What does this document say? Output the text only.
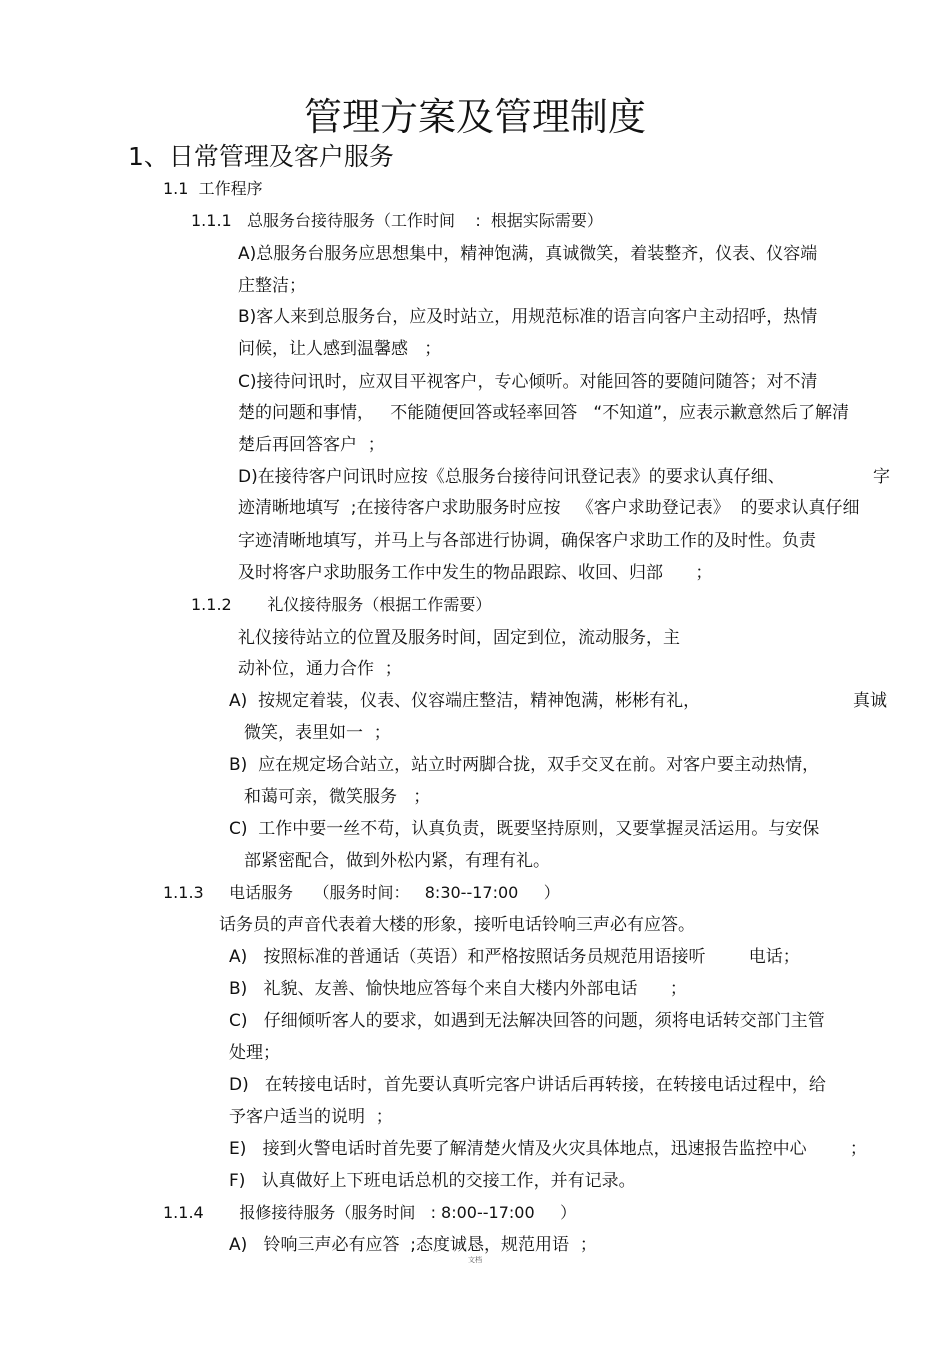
管理方案及管理制度
1、日常管理及客户服务
1.1  工作程序
1.1.1   总服务台接待服务（工作时间    :  根据实际需要）
A)总服务台服务应思想集中，精神饱满，真诚微笑，着装整齐，仪表、仪容端
庄整洁；
B)客人来到总服务台，应及时站立，用规范标准的语言向客户主动招呼，热情
问候，让人感到温馨感   ；
C)接待问讯时，应双目平视客户，专心倾听。对能回答的要随问随答；对不清
楚的问题和事情，   不能随便回答或轻率回答   “不知道”，应表示歉意然后了解清
楚后再回答客户  ；
D)在接待客户问讯时应按《总服务台接待问讯登记表》的要求认真仔细、	字
迹清晰地填写  ;在接待客户求助服务时应按   《客户求助登记表》  的要求认真仔细
字迹清晰地填写，并马上与各部进行协调，确保客户求助工作的及时性。负责
及时将客户求助服务工作中发生的物品跟踪、收回、归部      ；
1.1.2       礼仪接待服务（根据工作需要）
礼仪接待站立的位置及服务时间，固定到位，流动服务，主
动补位，通力合作  ；
A)  按规定着装，仪表、仪容端庄整洁，精神饱满，彬彬有礼，	真诚
微笑，表里如一  ；
B)  应在规定场合站立，站立时两脚合拢，双手交叉在前。对客户要主动热情，
和蔼可亲，微笑服务   ；
C)  工作中要一丝不苟，认真负责，既要坚持原则，又要掌握灵活运用。与安保
部紧密配合，做到外松内紧，有理有礼。
1.1.3     电话服务    （服务时间：   8:30--17:00     ）
话务员的声音代表着大楼的形象，接听电话铃响三声必有应答。
A)   按照标准的普通话（英语）和严格按照话务员规范用语接听        电话；
B)   礼貌、友善、愉快地应答每个来自大楼内外部电话      ；
C)   仔细倾听客人的要求，如遇到无法解决回答的问题，须将电话转交部门主管
处理；
D)   在转接电话时，首先要认真听完客户讲话后再转接，在转接电话过程中，给
予客户适当的说明  ；
E)   接到火警电话时首先要了解清楚火情及火灾具体地点，迅速报告监控中心        ；
F)   认真做好上下班电话总机的交接工作，并有记录。
1.1.4       报修接待服务（服务时间   : 8:00--17:00     ）
A)   铃响三声必有应答  ;态度诚恳，规范用语  ；
文档
